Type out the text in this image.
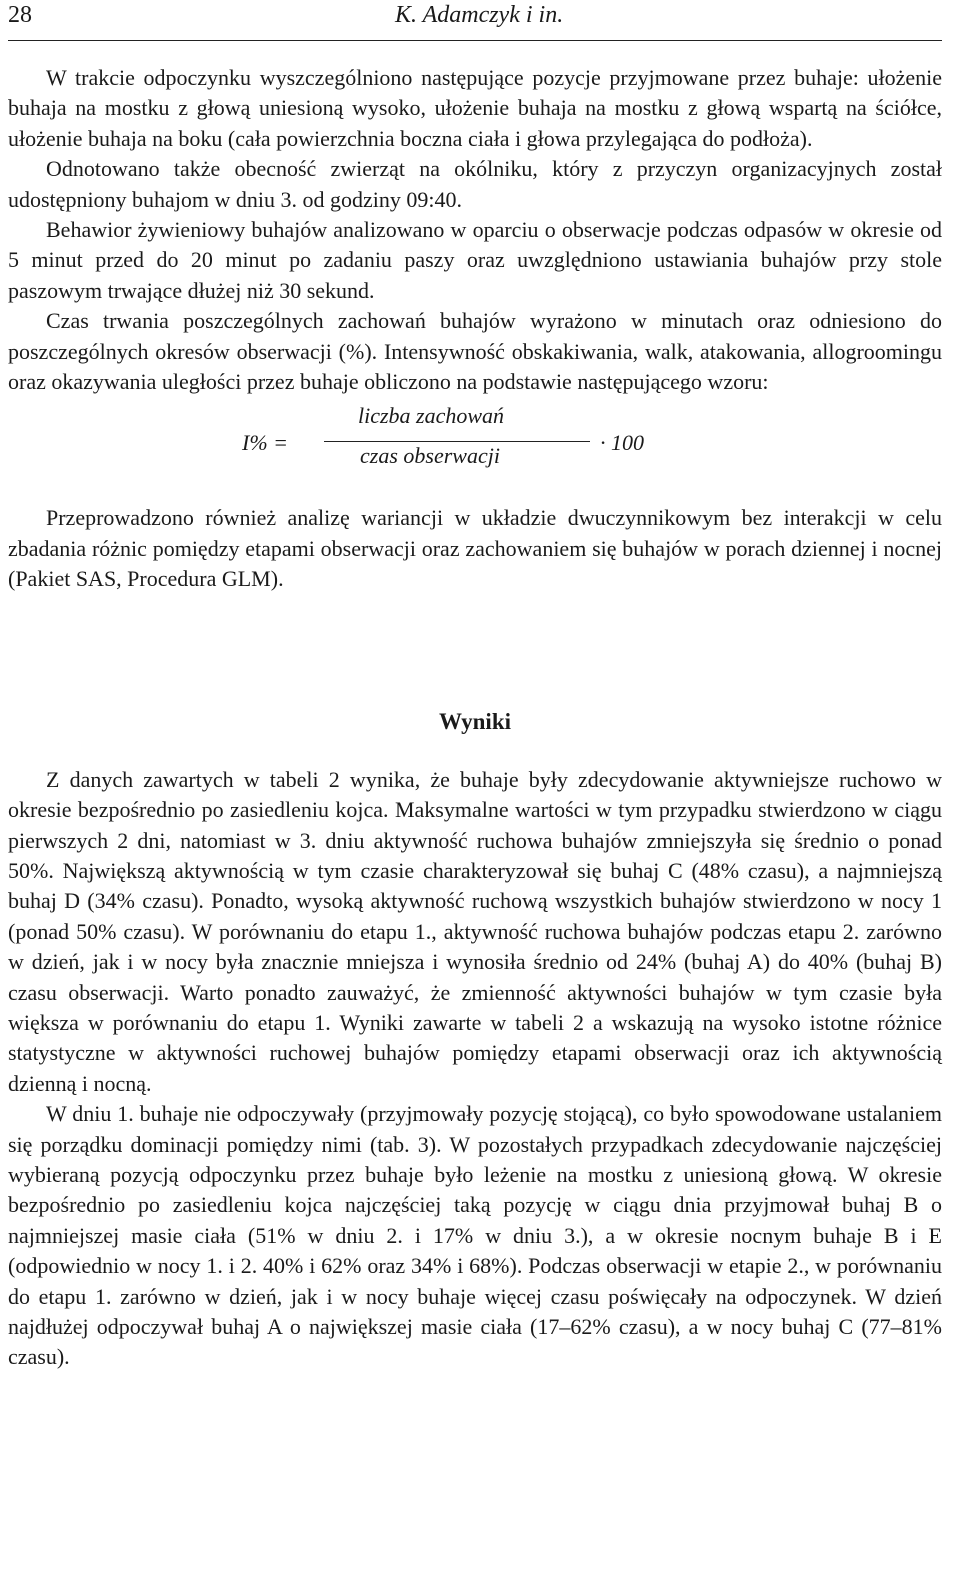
28	K. Adamczyk i in.

W trakcie odpoczynku wyszczególniono następujące pozycje przyjmowane przez buhaje: ułożenie buhaja na mostku z głową uniesioną wysoko, ułożenie buhaja na mostku z głową wspartą na ściółce, ułożenie buhaja na boku (cała powierzchnia boczna ciała i głowa przylegająca do podłoża).

Odnotowano także obecność zwierząt na okólniku, który z przyczyn organizacyjnych został udostępniony buhajom w dniu 3. od godziny 09:40.

Behawior żywieniowy buhajów analizowano w oparciu o obserwacje podczas odpasów w okresie od 5 minut przed do 20 minut po zadaniu paszy oraz uwzględniono ustawiania buhajów przy stole paszowym trwające dłużej niż 30 sekund.

Czas trwania poszczególnych zachowań buhajów wyrażono w minutach oraz odniesiono do poszczególnych okresów obserwacji (%). Intensywność obskakiwania, walk, atakowania, allogroomingu oraz okazywania uległości przez buhaje obliczono na podstawie następującego wzoru:

I% =
liczba zachowań
czas obserwacji
· 100

Przeprowadzono również analizę wariancji w układzie dwuczynnikowym bez interakcji w celu zbadania różnic pomiędzy etapami obserwacji oraz zachowaniem się buhajów w porach dziennej i nocnej (Pakiet SAS, Procedura GLM).

Wyniki

Z danych zawartych w tabeli 2 wynika, że buhaje były zdecydowanie aktywniejsze ruchowo w okresie bezpośrednio po zasiedleniu kojca. Maksymalne wartości w tym przypadku stwierdzono w ciągu pierwszych 2 dni, natomiast w 3. dniu aktywność ruchowa buhajów zmniejszyła się średnio o ponad 50%. Największą aktywnością w tym czasie charakteryzował się buhaj C (48% czasu), a najmniejszą buhaj D (34% czasu). Ponadto, wysoką aktywność ruchową wszystkich buhajów stwierdzono w nocy 1 (ponad 50% czasu). W porównaniu do etapu 1., aktywność ruchowa buhajów podczas etapu 2. zarówno w dzień, jak i w nocy była znacznie mniejsza i wynosiła średnio od 24% (buhaj A) do 40% (buhaj B) czasu obserwacji. Warto ponadto zauważyć, że zmienność aktywności buhajów w tym czasie była większa w porównaniu do etapu 1. Wyniki zawarte w tabeli 2 a wskazują na wysoko istotne różnice statystyczne w aktywności ruchowej buhajów pomiędzy etapami obserwacji oraz ich aktywnością dzienną i nocną.

W dniu 1. buhaje nie odpoczywały (przyjmowały pozycję stojącą), co było spowodowane ustalaniem się porządku dominacji pomiędzy nimi (tab. 3). W pozostałych przypadkach zdecydowanie najczęściej wybieraną pozycją odpoczynku przez buhaje było leżenie na mostku z uniesioną głową. W okresie bezpośrednio po zasiedleniu kojca najczęściej taką pozycję w ciągu dnia przyjmował buhaj B o najmniejszej masie ciała (51% w dniu 2. i 17% w dniu 3.), a w okresie nocnym buhaje B i E (odpowiednio w nocy 1. i 2. 40% i 62% oraz 34% i 68%). Podczas obserwacji w etapie 2., w porównaniu do etapu 1. zarówno w dzień, jak i w nocy buhaje więcej czasu poświęcały na odpoczynek. W dzień najdłużej odpoczywał buhaj A o największej masie ciała (17–62% czasu), a w nocy buhaj C (77–81% czasu).
